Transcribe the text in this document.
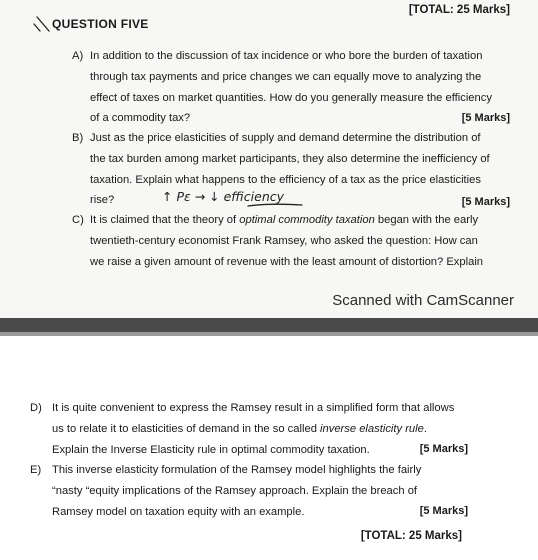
[TOTAL: 25 Marks]
QUESTION FIVE
A) In addition to the discussion of tax incidence or who bore the burden of taxation
through tax payments and price changes we can equally move to analyzing the
effect of taxes on market quantities. How do you generally measure the efficiency
of a commodity tax?	[5 Marks]
B) Just as the price elasticities of supply and demand determine the distribution of
the tax burden among market participants, they also determine the inefficiency of
taxation. Explain what happens to the efficiency of a tax as the price elasticities
rise?	[5 Marks]
↑ Pε → ↓ efficiency
C) It is claimed that the theory of optimal commodity taxation began with the early
twentieth-century economist Frank Ramsey, who asked the question: How can
we raise a given amount of revenue with the least amount of distortion? Explain
Scanned with CamScanner
D) It is quite convenient to express the Ramsey result in a simplified form that allows
us to relate it to elasticities of demand in the so called inverse elasticity rule.
Explain the Inverse Elasticity rule in optimal commodity taxation.	[5 Marks]
E) This inverse elasticity formulation of the Ramsey model highlights the fairly
“nasty “equity implications of the Ramsey approach. Explain the breach of
Ramsey model on taxation equity with an example.	[5 Marks]
[TOTAL: 25 Marks]
